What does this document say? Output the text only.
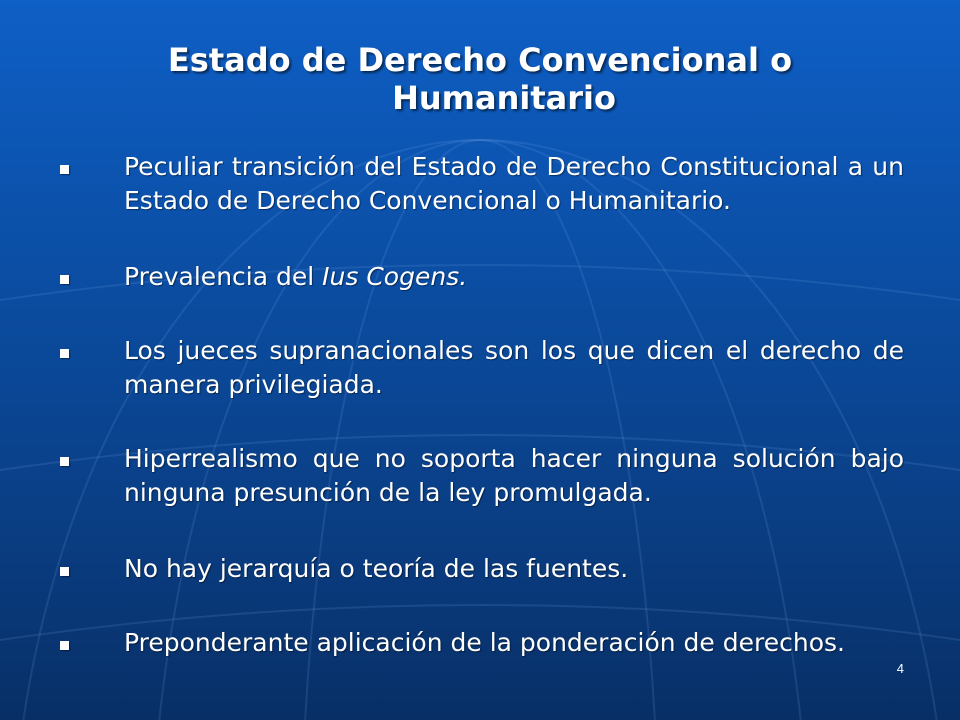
Estado de Derecho Convencional o
Humanitario
Peculiar transición del Estado de Derecho Constitucional a un Estado de Derecho Convencional o Humanitario.
Prevalencia del Ius Cogens.
Los jueces supranacionales son los que dicen el derecho de manera privilegiada.
Hiperrealismo que no soporta hacer ninguna solución bajo ninguna presunción de la ley promulgada.
No hay jerarquía o teoría de las fuentes.
Preponderante aplicación de la ponderación de derechos.
4
